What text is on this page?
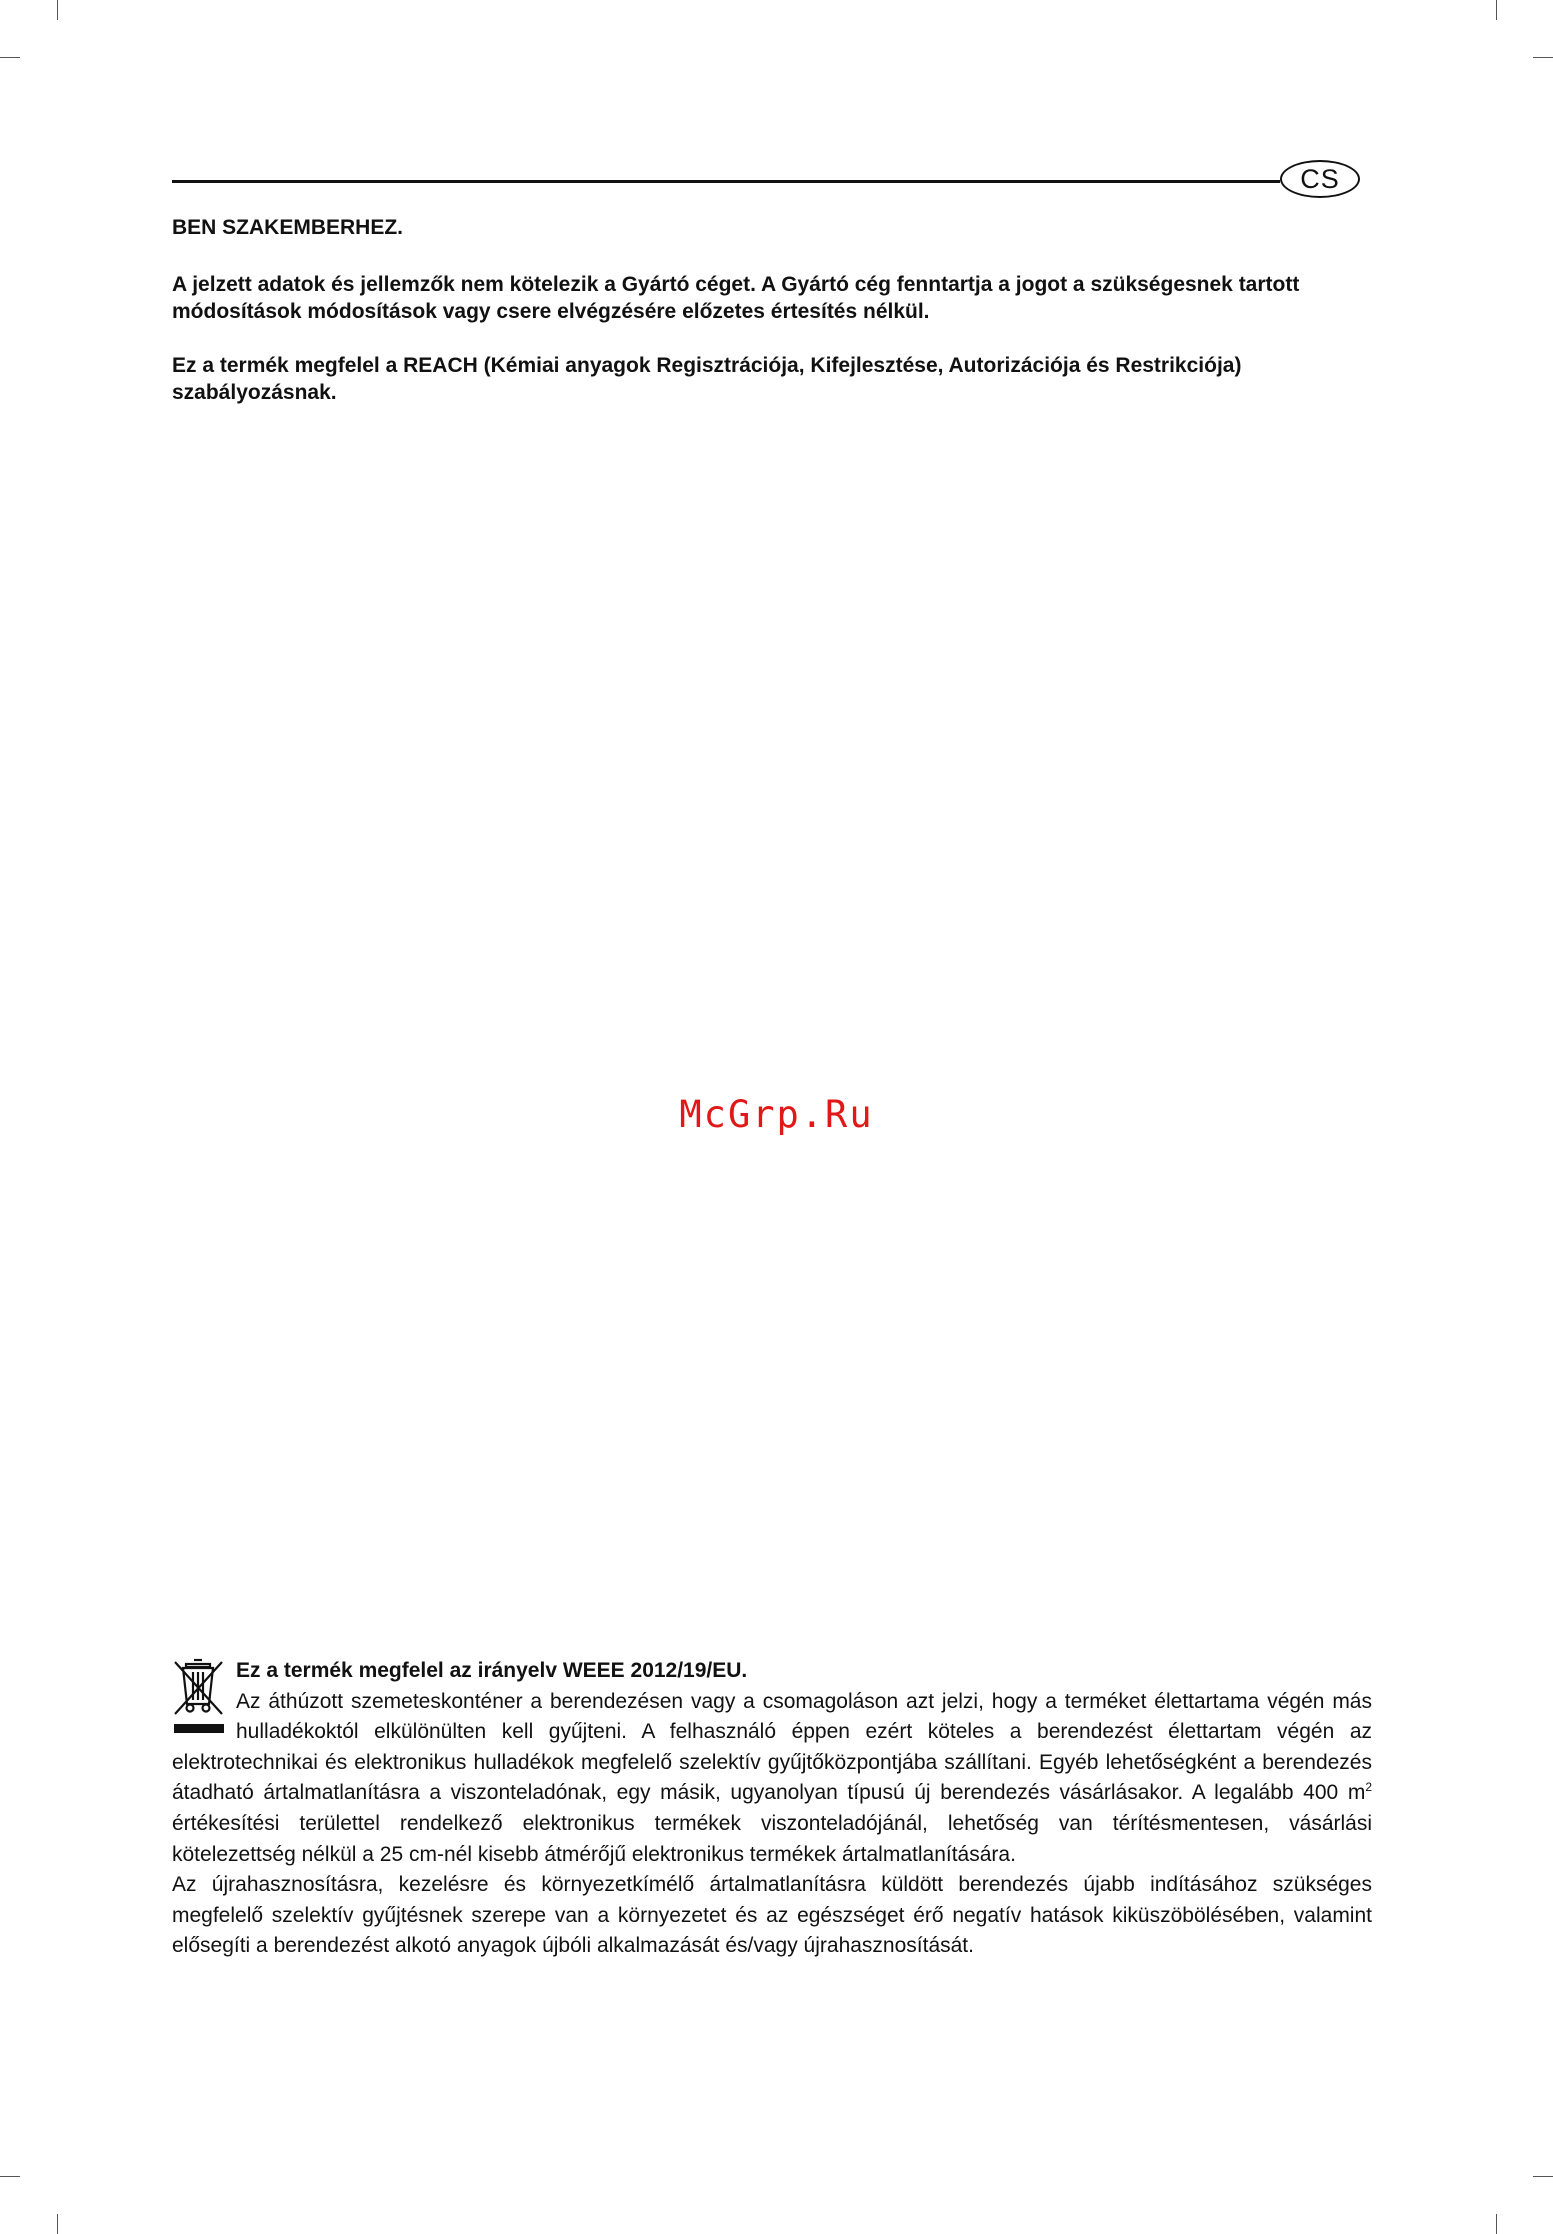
CS
BEN SZAKEMBERHEZ.
A jelzett adatok és jellemzők nem kötelezik a Gyártó céget. A Gyártó cég fenntartja a jogot a szükségesnek tartott módosítások módosítások vagy csere elvégzésére előzetes értesítés nélkül.
Ez a termék megfelel a REACH (Kémiai anyagok Regisztrációja, Kifejlesztése, Autorizációja és Restrikciója) szabályozásnak.
McGrp.Ru

Ez a termék megfelel az irányelv WEEE 2012/19/EU.

Az áthúzott szemeteskonténer a berendezésen vagy a csomagoláson azt jelzi, hogy a terméket élettartama végén más hulladékoktól elkülönülten kell gyűjteni. A felhasználó éppen ezért köteles a berendezést élettartam végén az elektrotechnikai és elektronikus hulladékok megfelelő szelektív gyűjtőközpontjába szállítani. Egyéb lehetőségként a berendezés átadható ártalmatlanításra a viszonteladónak, egy másik, ugyanolyan típusú új berendezés vásárlásakor. A legalább 400 $m^2$ értékesítési területtel rendelkező elektronikus termékek viszonteladójánál, lehetőség van térítésmentesen, vásárlási kötelezettség nélkül a 25 cm-nél kisebb átmérőjű elektronikus termékek ártalmatlanítására.

Az újrahasznosításra, kezelésre és környezetkímélő ártalmatlanításra küldött berendezés újabb indításához szükséges megfelelő szelektív gyűjtésnek szerepe van a környezetet és az egészséget érő negatív hatások kiküszöbölésében, valamint elősegíti a berendezést alkotó anyagok újbóli alkalmazását és/vagy újrahasznosítását.
